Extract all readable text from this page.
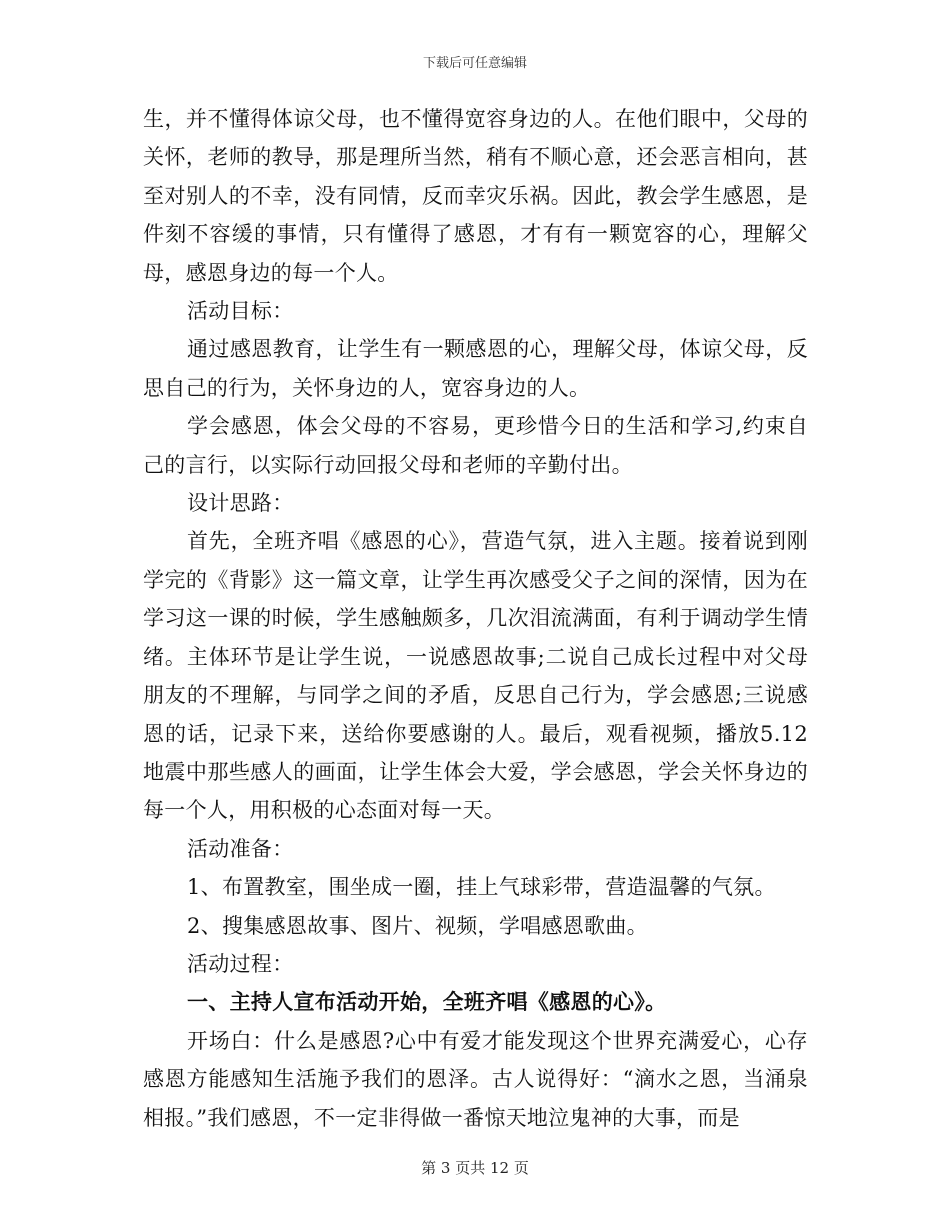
下载后可任意编辑

生，并不懂得体谅父母，也不懂得宽容身边的人。在他们眼中，父母的关怀，老师的教导，那是理所当然，稍有不顺心意，还会恶言相向，甚至对别人的不幸，没有同情，反而幸灾乐祸。因此，教会学生感恩，是件刻不容缓的事情，只有懂得了感恩，才有有一颗宽容的心，理解父母，感恩身边的每一个人。

活动目标：

通过感恩教育，让学生有一颗感恩的心，理解父母，体谅父母，反思自己的行为，关怀身边的人，宽容身边的人。

学会感恩，体会父母的不容易，更珍惜今日的生活和学习,约束自己的言行，以实际行动回报父母和老师的辛勤付出。

设计思路：

首先，全班齐唱《感恩的心》，营造气氛，进入主题。接着说到刚学完的《背影》这一篇文章，让学生再次感受父子之间的深情，因为在学习这一课的时候，学生感触颇多，几次泪流满面，有利于调动学生情绪。主体环节是让学生说，一说感恩故事;二说自己成长过程中对父母朋友的不理解，与同学之间的矛盾，反思自己行为，学会感恩;三说感恩的话，记录下来，送给你要感谢的人。最后，观看视频，播放5.12地震中那些感人的画面，让学生体会大爱，学会感恩，学会关怀身边的每一个人，用积极的心态面对每一天。

活动准备：

1、布置教室，围坐成一圈，挂上气球彩带，营造温馨的气氛。

2、搜集感恩故事、图片、视频，学唱感恩歌曲。

活动过程：

一、主持人宣布活动开始，全班齐唱《感恩的心》。

开场白：什么是感恩?心中有爱才能发现这个世界充满爱心，心存感恩方能感知生活施予我们的恩泽。古人说得好：“滴水之恩，当涌泉相报。”我们感恩，不一定非得做一番惊天地泣鬼神的大事，而是

第 3 页共 12 页
